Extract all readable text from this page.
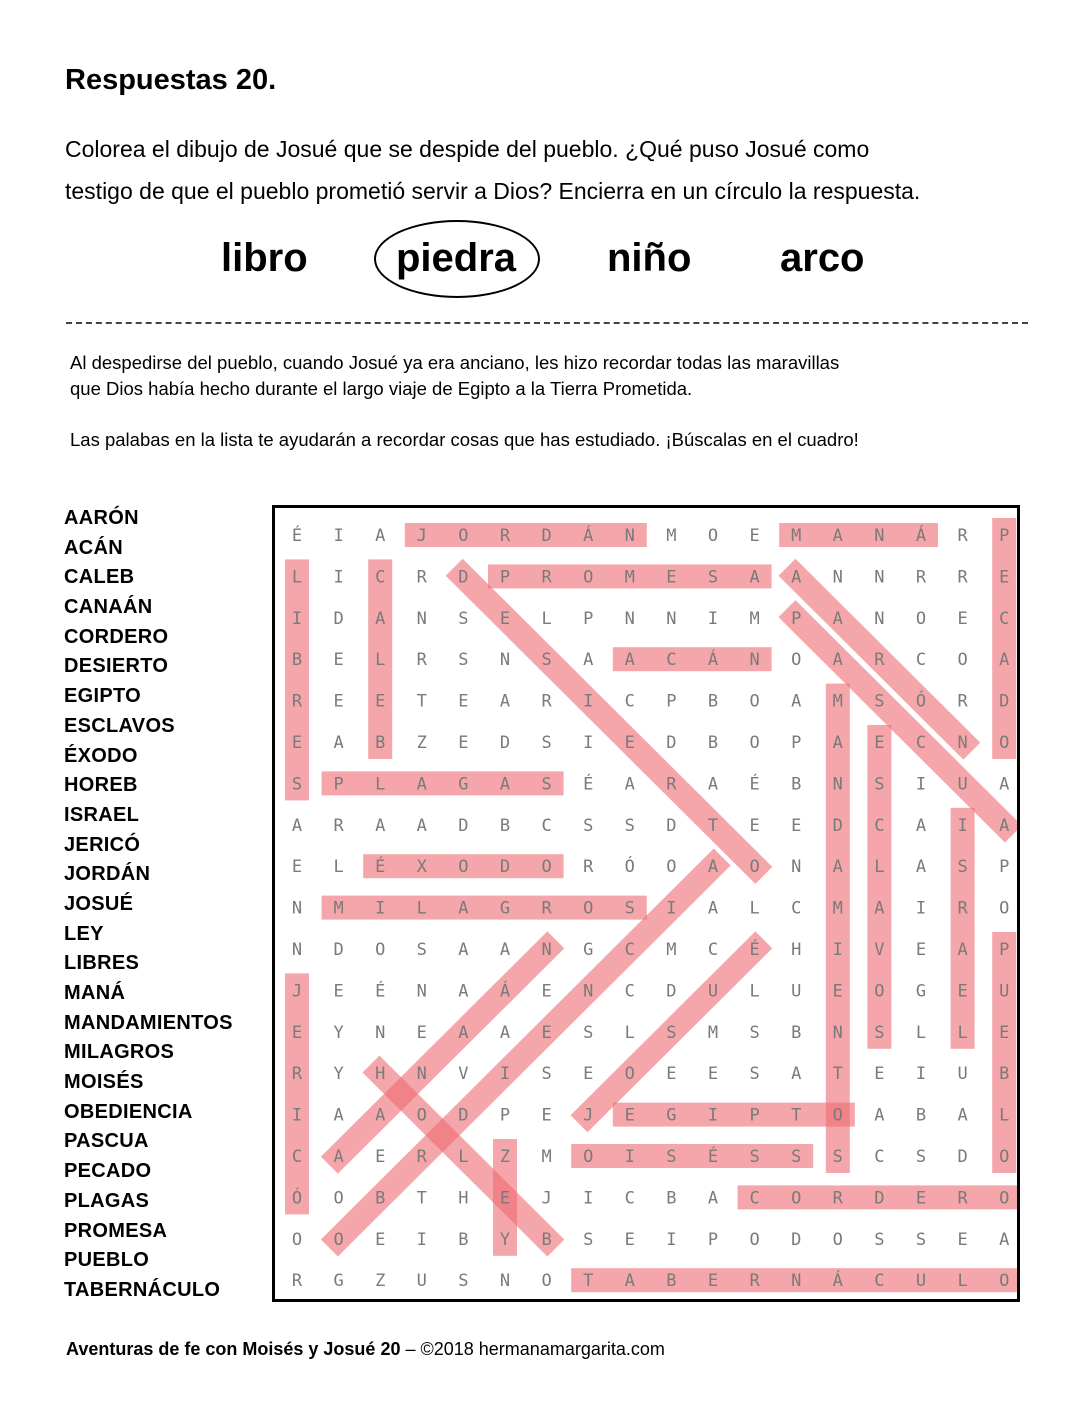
Respuestas 20.
Colorea el dibujo de Josué que se despide del pueblo. ¿Qué puso Josué como
testigo de que el pueblo prometió servir a Dios? Encierra en un círculo la respuesta.
libro piedra niño arco
Al despedirse del pueblo, cuando Josué ya era anciano, les hizo recordar todas las maravillas
que Dios había hecho durante el largo viaje de Egipto a la Tierra Prometida.
Las palabas en la lista te ayudarán a recordar cosas que has estudiado. ¡Búscalas en el cuadro!
AARÓN
ACÁN
CALEB
CANAÁN
CORDERO
DESIERTO
EGIPTO
ESCLAVOS
ÉXODO
HOREB
ISRAEL
JERICÓ
JORDÁN
JOSUÉ
LEY
LIBRES
MANÁ
MANDAMIENTOS
MILAGROS
MOISÉS
OBEDIENCIA
PASCUA
PECADO
PLAGAS
PROMESA
PUEBLO
TABERNÁCULO
É I A J O R D Á N M O E M A N Á R P
L I C R D P R O M E S A A N N R R E
I D A N S E L P N N I M P A N O E C
B E L R S N S A A C Á N O A R C O A
R E E T E A R I C P B O A M S Ó R D
E A B Z E D S I E D B O P A E C N O
S P L A G A S É A R A É B N S I U A
A R A A D B C S S D T E E D C A I A
E L É X O D O R Ó O A O N A L A S P
N M I L A G R O S I A L C M A I R O
N D O S A A N G C M C É H I V E A P
J E É N A Á E N C D U L U E O G E U
E Y N E A A E S L S M S B N S L L E
R Y H N V I S E O E E S A T E I U B
I A A O D P E J E G I P T O A B A L
C A E R L Z M O I S É S S S C S D O
Ó O B T H E J I C B A C O R D E R O
O O E I B Y B S E I P O D O S S E A
R G Z U S N O T A B E R N Á C U L O
Aventuras de fe con Moisés y Josué 20 – ©2018 hermanamargarita.com
